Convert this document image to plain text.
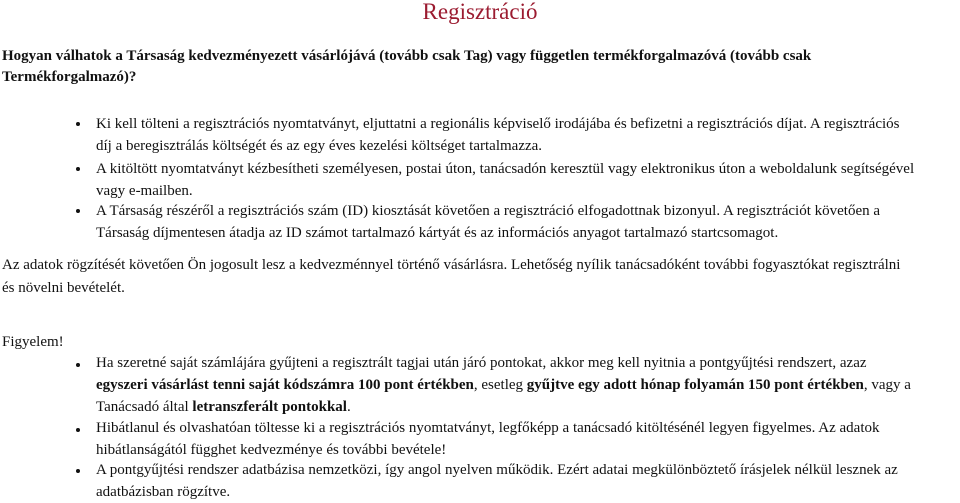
Regisztráció
Hogyan válhatok a Társaság kedvezményezett vásárlójává (tovább csak Tag) vagy független termékforgalmazóvá (tovább csak
Termékforgalmazó)?
Ki kell tölteni a regisztrációs nyomtatványt, eljuttatni a regionális képviselő irodájába és befizetni a regisztrációs díjat. A regisztrációs
díj a beregisztrálás költségét és az egy éves kezelési költséget tartalmazza.
A kitöltött nyomtatványt kézbesítheti személyesen, postai úton, tanácsadón keresztül vagy elektronikus úton a weboldalunk segítségével
vagy e-mailben.
A Társaság részéről a regisztrációs szám (ID) kiosztását követően a regisztráció elfogadottnak bizonyul. A regisztrációt követően a
Társaság díjmentesen átadja az ID számot tartalmazó kártyát és az információs anyagot tartalmazó startcsomagot.

Az adatok rögzítését követően Ön jogosult lesz a kedvezménnyel történő vásárlásra. Lehetőség nyílik tanácsadóként további fogyasztókat regisztrálni
és növelni bevételét.

Figyelem!
Ha szeretné saját számlájára gyűjteni a regisztrált tagjai után járó pontokat, akkor meg kell nyitnia a pontgyűjtési rendszert, azaz
egyszeri vásárlást tenni saját kódszámra 100 pont értékben, esetleg gyűjtve egy adott hónap folyamán 150 pont értékben, vagy a
Tanácsadó által letranszferált pontokkal.
Hibátlanul és olvashatóan töltesse ki a regisztrációs nyomtatványt, legfőképp a tanácsadó kitöltésénél legyen figyelmes. Az adatok
hibátlanságától függhet kedvezménye és további bevétele!
A pontgyűjtési rendszer adatbázisa nemzetközi, így angol nyelven működik. Ezért adatai megkülönböztető írásjelek nélkül lesznek az
adatbázisban rögzítve.
